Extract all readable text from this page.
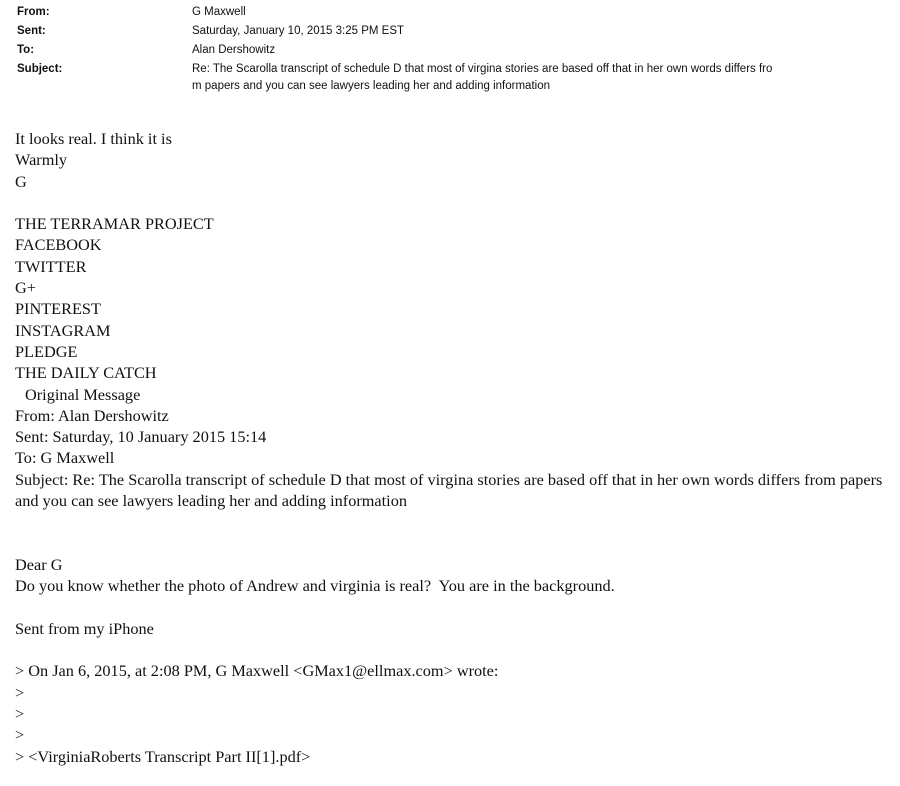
From:	G Maxwell
Sent:	Saturday, January 10, 2015 3:25 PM EST
To:	Alan Dershowitz
Subject:	Re: The Scarolla transcript of schedule D that most of virgina stories are based off that in her own words differs fro
m papers and you can see lawyers leading her and adding information
It looks real. I think it is
Warmly
G
THE TERRAMAR PROJECT
FACEBOOK
TWITTER
G+
PINTEREST
INSTAGRAM
PLEDGE
THE DAILY CATCH
Original Message
From: Alan Dershowitz
Sent: Saturday, 10 January 2015 15:14
To: G Maxwell
Subject: Re: The Scarolla transcript of schedule D that most of virgina stories are based off that in her own words differs from papers and you can see lawyers leading her and adding information
Dear G
Do you know whether the photo of Andrew and virginia is real?  You are in the background.
Sent from my iPhone
> On Jan 6, 2015, at 2:08 PM, G Maxwell <GMax1@ellmax.com> wrote:
>
>
>
> <VirginiaRoberts Transcript Part II[1].pdf>
